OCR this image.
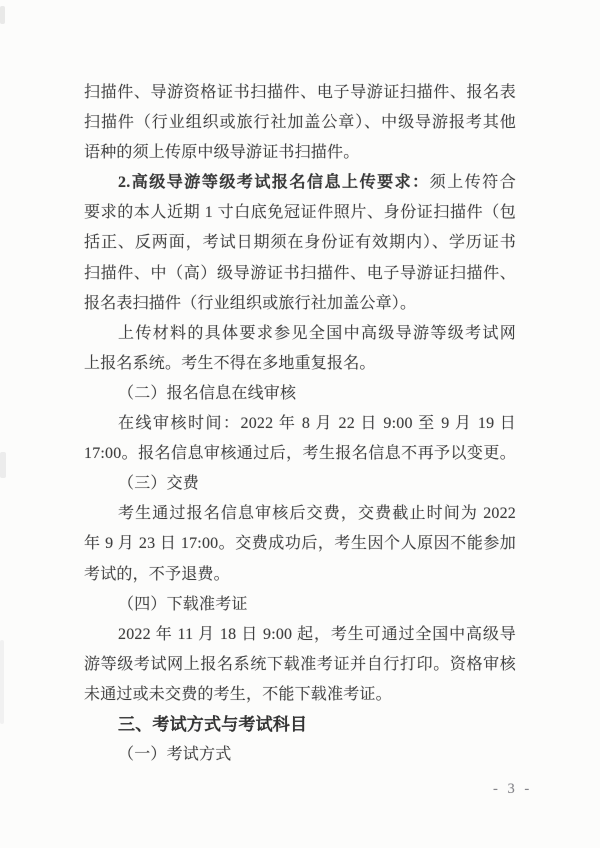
扫描件、导游资格证书扫描件、电子导游证扫描件、报名表
扫描件（行业组织或旅行社加盖公章）、中级导游报考其他
语种的须上传原中级导游证书扫描件。
2.高级导游等级考试报名信息上传要求：须上传符合
要求的本人近期 1 寸白底免冠证件照片、身份证扫描件（包
括正、反两面，考试日期须在身份证有效期内）、学历证书
扫描件、中（高）级导游证书扫描件、电子导游证扫描件、
报名表扫描件（行业组织或旅行社加盖公章）。
上传材料的具体要求参见全国中高级导游等级考试网
上报名系统。考生不得在多地重复报名。
（二）报名信息在线审核
在线审核时间：2022 年 8 月 22 日 9:00 至 9 月 19 日
17:00。报名信息审核通过后，考生报名信息不再予以变更。
（三）交费
考生通过报名信息审核后交费，交费截止时间为 2022
年 9 月 23 日 17:00。交费成功后，考生因个人原因不能参加
考试的，不予退费。
（四）下载准考证
2022 年 11 月 18 日 9:00 起，考生可通过全国中高级导
游等级考试网上报名系统下载准考证并自行打印。资格审核
未通过或未交费的考生，不能下载准考证。
三、考试方式与考试科目
（一）考试方式
- 3 -
